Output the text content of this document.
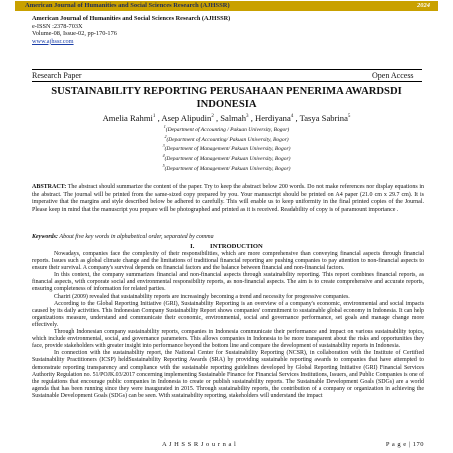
American Journal of Humanities and Social Sciences Research (AJHSSR)	2024
American Journal of Humanities and Social Sciences Research (AJHSSR)
e-ISSN :2378-703X
Volume-08, Issue-02, pp-170-176
www.ajhssr.com
Research Paper	Open Access
SUSTAINABILITY REPORTING PERUSAHAAN PENERIMA AWARDSDI INDONESIA
Amelia Rahmi$^1$ , Asep Alipudin$^2$ , Salmah$^3$ , Herdiyana$^4$ , Tasya Sabrina$^5$
$^1$(Department of Accounting / Pakuan University, Bogor)
$^2$(Department of Accounting/ Pakuan University, Bogor)
$^3$(Department of Management/ Pakuan University, Bogor)
$^4$(Department of Management/ Pakuan University, Bogor)
$^5$(Department of Management/ Pakuan University, Bogor)
ABSTRACT: The abstract should summarize the content of the paper. Try to keep the abstract below 200 words. Do not make references nor display equations in the abstract. The journal will be printed from the same-sized copy prepared by you. Your manuscript should be printed on A4 paper (21.0 cm x 29.7 cm). It is imperative that the margins and style described below be adhered to carefully. This will enable us to keep uniformity in the final printed copies of the Journal. Please keep in mind that the manuscript you prepare will be photographed and printed as it is received. Readability of copy is of paramount importance .
Keywords: About five key words in alphabetical order, separated by comma
I. INTRODUCTION

Nowadays, companies face the complexity of their responsibilities, which are more comprehensive than conveying financial aspects through financial reports. Issues such as global climate change and the limitations of traditional financial reporting are pushing companies to pay attention to non-financial aspects to ensure their survival. A company's survival depends on financial factors and the balance between financial and non-financial factors.

In this context, the company summarizes financial and non-financial aspects through sustainability reporting. This report combines financial reports, as financial aspects, with corporate social and environmental responsibility reports, as non-financial aspects. The aim is to create comprehensive and accurate reports, ensuring completeness of information for related parties.

Chariri (2009) revealed that sustainability reports are increasingly becoming a trend and necessity for progressive companies.

According to the Global Reporting Initiative (GRI), Sustainability Reporting is an overview of a company's economic, environmental and social impacts caused by its daily activities. This Indonesian Company Sustainability Report shows companies' commitment to sustainable global economy in Indonesia. It can help organizations measure, understand and communicate their economic, environmental, social and governance performance, set goals and manage change more effectively.

Through Indonesian company sustainability reports, companies in Indonesia communicate their performance and impact on various sustainability topics, which include environmental, social, and governance parameters. This allows companies in Indonesia to be more transparent about the risks and opportunities they face, provide stakeholders with greater insight into performance beyond the bottom line and compare the development of sustainability reports in Indonesia.

In connection with the sustainability report, the National Center for Sustainability Reporting (NCSR), in collaboration with the Institute of Certified Sustainability Practitioners (ICSP) heldSustainability Reporting Awards (SRA) by providing sustainable reporting awards to companies that have attempted to demonstrate reporting transparency and compliance with the sustainable reporting guidelines developed by Global Reporting Initiative (GRI) Financial Services Authority Regulation no. 51/POJK.03/2017 concerning implementing Sustainable Finance for Financial Services Institutions, Issuers, and Public Companies is one of the regulations that encourage public companies in Indonesia to create or publish sustainability reports. The Sustainable Development Goals (SDGs) are a world agenda that has been running since they were inaugurated in 2015. Through sustainability reports, the contribution of a company or organization in achieving the Sustainable Development Goals (SDGs) can be seen. With sustainability reporting, stakeholders will understand the impact

A J H S S R J o u r n a l	P a g e | 170
